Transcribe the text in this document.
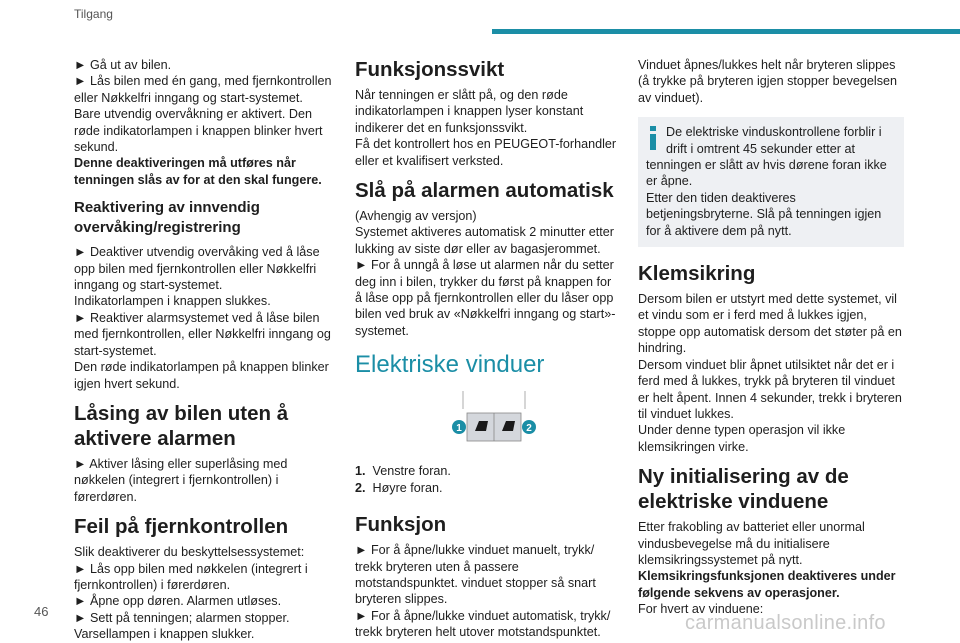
Tilgang

► Gå ut av bilen.

► Lås bilen med én gang, med fjernkontrollen eller Nøkkelfri inngang og start-systemet.

Bare utvendig overvåkning er aktivert. Den røde indikatorlampen i knappen blinker hvert sekund.

Denne deaktiveringen må utføres når tenningen slås av for at den skal fungere.

Reaktivering av innvendig overvåking/registrering

► Deaktiver utvendig overvåking ved å låse opp bilen med fjernkontrollen eller Nøkkelfri inngang og start-systemet.

Indikatorlampen i knappen slukkes.

► Reaktiver alarmsystemet ved å låse bilen med fjernkontrollen, eller Nøkkelfri inngang og start-systemet.

Den røde indikatorlampen på knappen blinker igjen hvert sekund.

Låsing av bilen uten å aktivere alarmen

► Aktiver låsing eller superlåsing med nøkkelen (integrert i fjernkontrollen) i førerdøren.

Feil på fjernkontrollen

Slik deaktiverer du beskyttelsessystemet:

► Lås opp bilen med nøkkelen (integrert i fjernkontrollen) i førerdøren.

► Åpne opp døren. Alarmen utløses.

► Sett på tenningen; alarmen stopper.

Varsellampen i knappen slukker.

Funksjonssvikt

Når tenningen er slått på, og den røde indikatorlampen i knappen lyser konstant indikerer det en funksjonssvikt.

Få det kontrollert hos en PEUGEOT-forhandler eller et kvalifisert verksted.

Slå på alarmen automatisk

(Avhengig av versjon)

Systemet aktiveres automatisk 2 minutter etter lukking av siste dør eller av bagasjerommet.

► For å unngå å løse ut alarmen når du setter deg inn i bilen, trykker du først på knappen for å låse opp på fjernkontrollen eller du låser opp bilen ved bruk av «Nøkkelfri inngang og start»-systemet.

Elektriske vinduer
1	2
1. Venstre foran.
2. Høyre foran.
Funksjon

► For å åpne/lukke vinduet manuelt, trykk/ trekk bryteren uten å passere motstandspunktet. vinduet stopper så snart bryteren slippes.

► For å åpne/lukke vinduet automatisk, trykk/ trekk bryteren helt utover motstandspunktet.

Vinduet åpnes/lukkes helt når bryteren slippes (å trykke på bryteren igjen stopper bevegelsen av vinduet).

De elektriske vinduskontrollene forblir i drift i omtrent 45 sekunder etter at tenningen er slått av hvis dørene foran ikke er åpne.

Etter den tiden deaktiveres betjeningsbryterne. Slå på tenningen igjen for å aktivere dem på nytt.

Klemsikring

Dersom bilen er utstyrt med dette systemet, vil et vindu som er i ferd med å lukkes igjen, stoppe opp automatisk dersom det støter på en hindring.

Dersom vinduet blir åpnet utilsiktet når det er i ferd med å lukkes, trykk på bryteren til vinduet er helt åpent. Innen 4 sekunder, trekk i bryteren til vinduet lukkes.

Under denne typen operasjon vil ikke klemsikringen virke.

Ny initialisering av de elektriske vinduene

Etter frakobling av batteriet eller unormal vindusbevegelse må du initialisere klemsikringssystemet på nytt.

Klemsikringsfunksjonen deaktiveres under følgende sekvens av operasjoner.

For hvert av vinduene:

46
carmanualsonline.info
